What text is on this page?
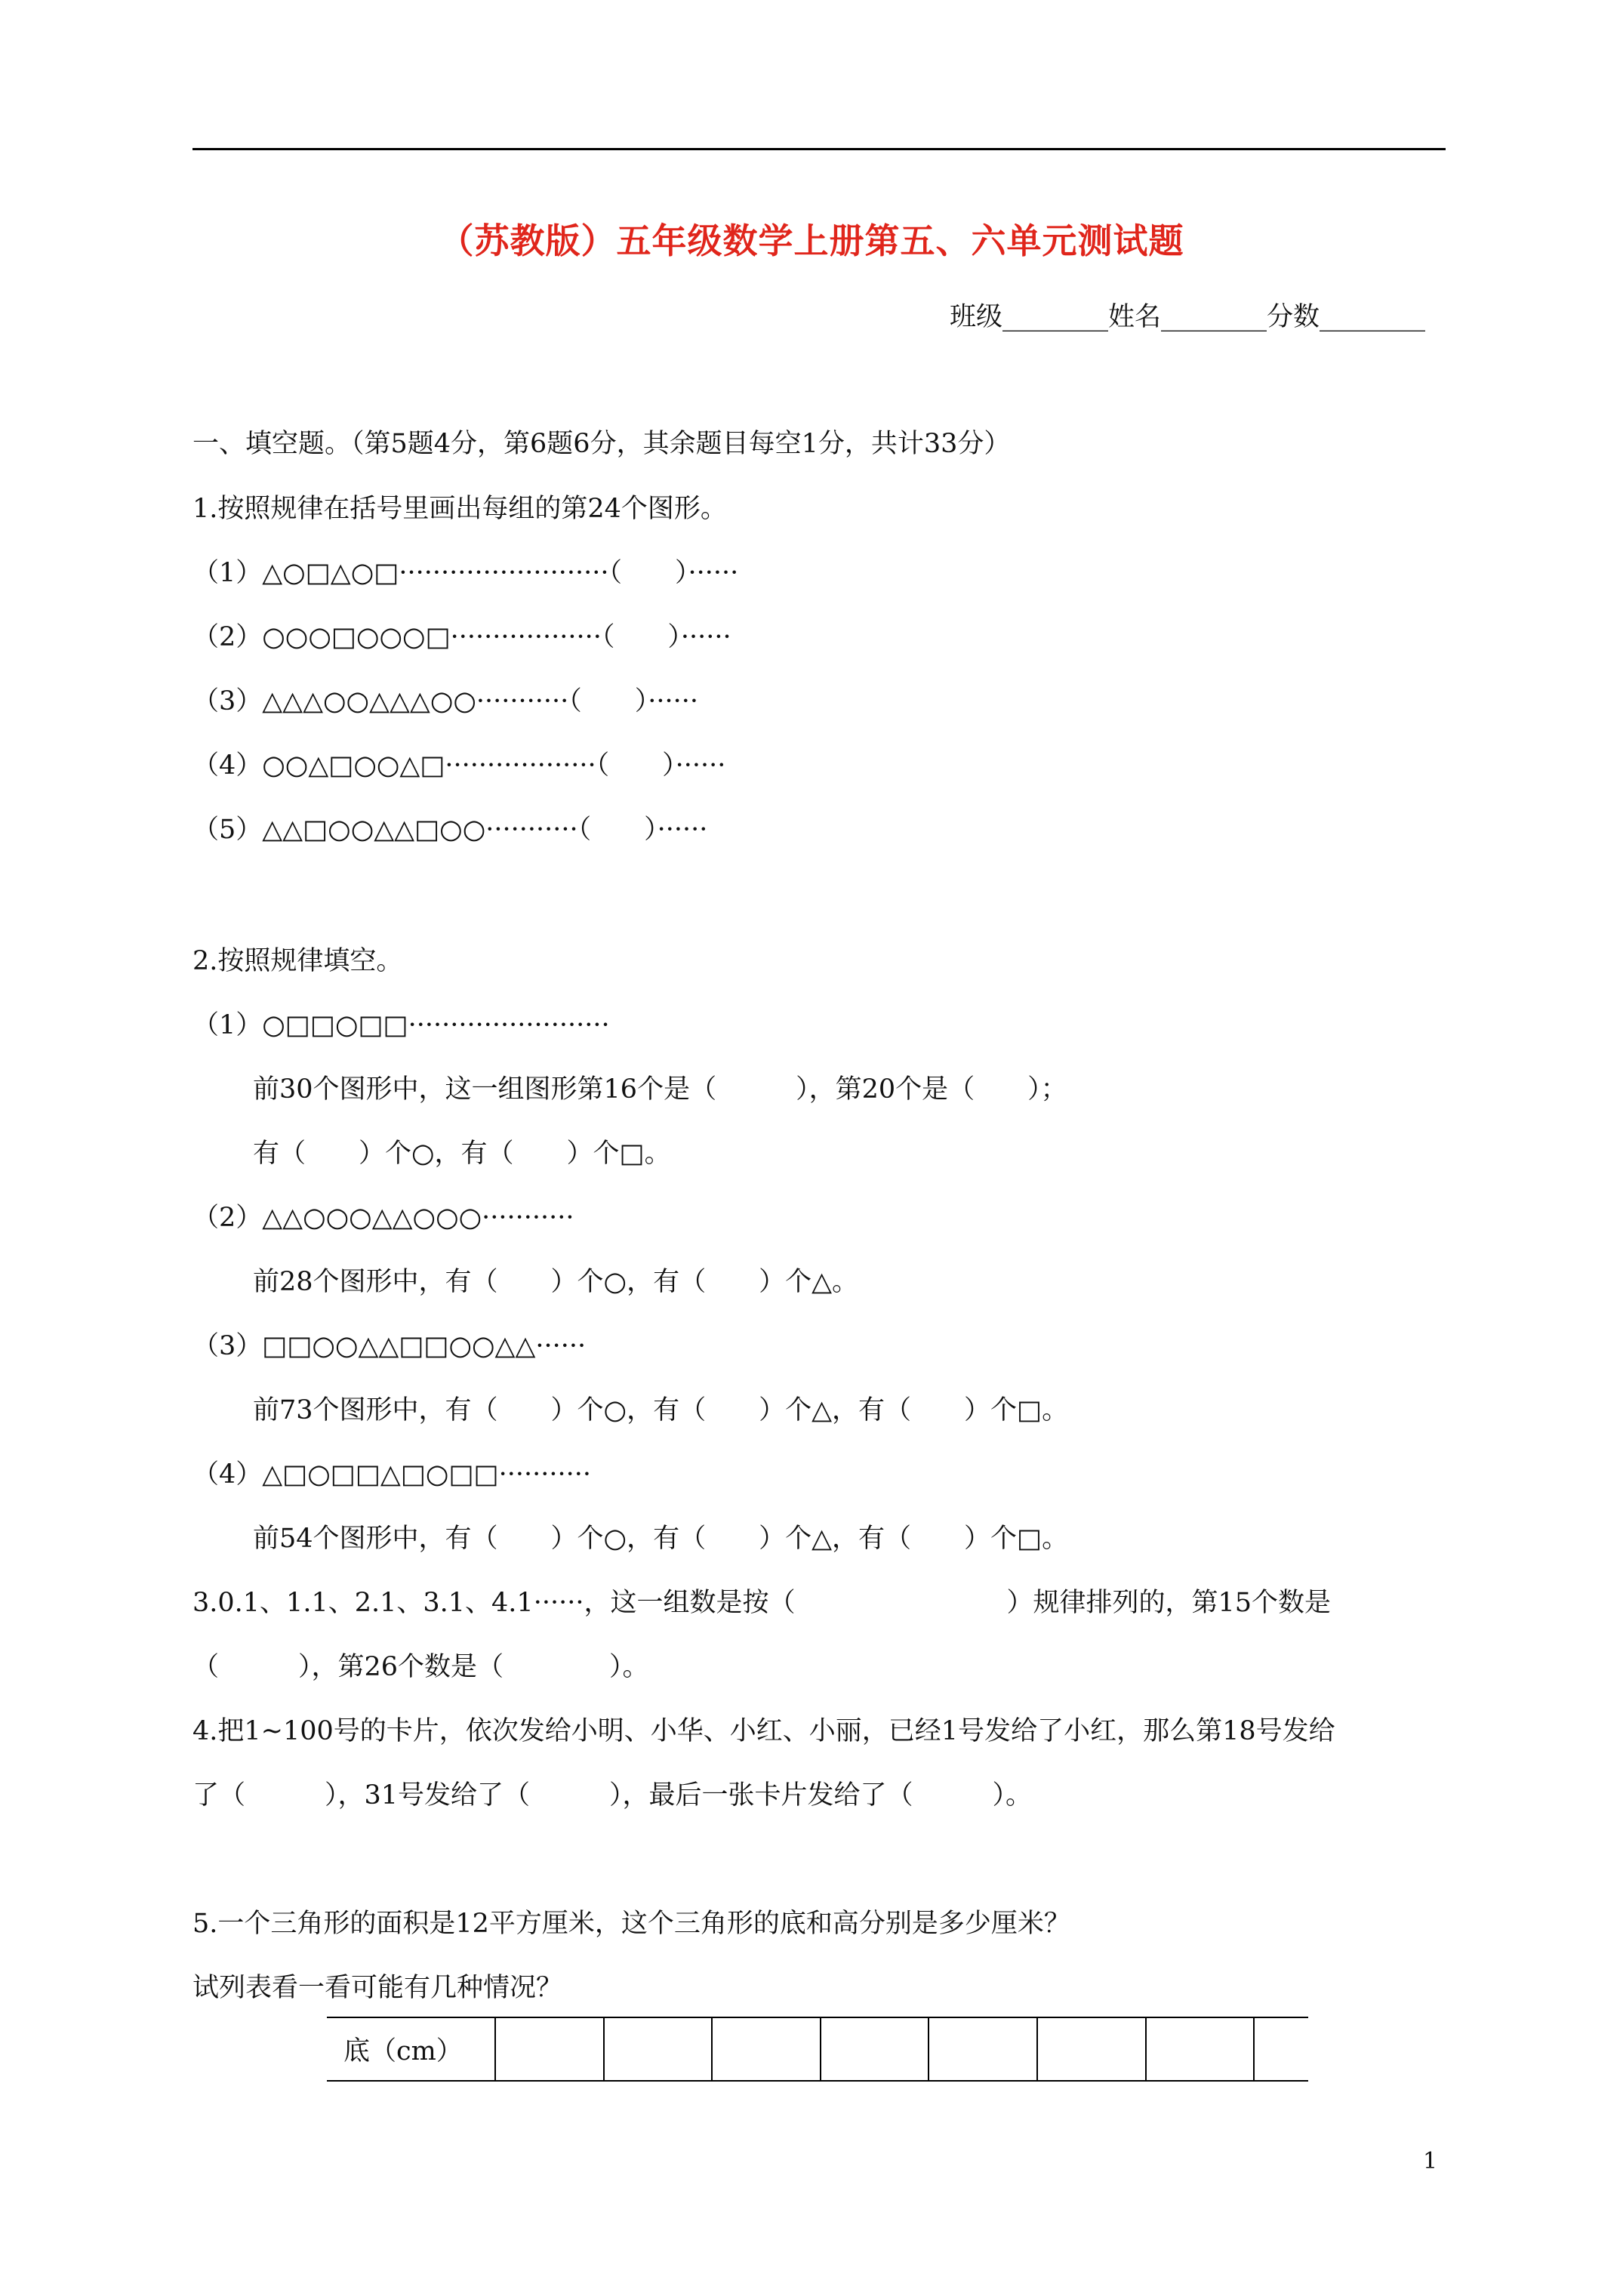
（苏教版）五年级数学上册第五、六单元测试题
班级________姓名________分数________
一、填空题。（第5题4分，第6题6分，其余题目每空1分，共计33分）
1.按照规律在括号里画出每组的第24个图形。
（1）△○□△○□·························（　　）······
（2）○○○□○○○□··················（　　）······
（3）△△△○○△△△○○···········（　　）······
（4）○○△□○○△□··················（　　）······
（5）△△□○○△△□○○···········（　　）······
2.按照规律填空。
（1）○□□○□□························
前30个图形中，这一组图形第16个是（　　　），第20个是（　　）；
有（　　）个○，有（　　）个□。
（2）△△○○○△△○○○···········
前28个图形中，有（　　）个○，有（　　）个△。
（3）□□○○△△□□○○△△······
前73个图形中，有（　　）个○，有（　　）个△，有（　　）个□。
（4）△□○□□△□○□□···········
前54个图形中，有（　　）个○，有（　　）个△，有（　　）个□。
3.0.1、1.1、2.1、3.1、4.1······，这一组数是按（　　　　　　　　）规律排列的，第15个数是
（　　　），第26个数是（　　　　）。
4.把1~100号的卡片，依次发给小明、小华、小红、小丽，已经1号发给了小红，那么第18号发给
了（　　　），31号发给了（　　　），最后一张卡片发给了（　　　）。
5.一个三角形的面积是12平方厘米，这个三角形的底和高分别是多少厘米？
试列表看一看可能有几种情况？
底（cm）								
1
